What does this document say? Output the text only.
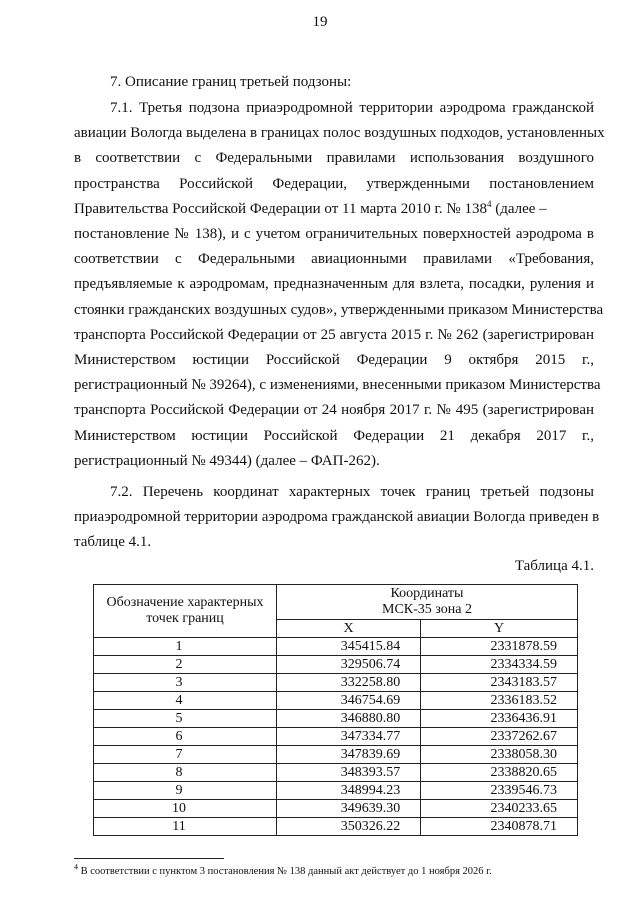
19
7. Описание границ третьей подзоны:
7.1. Третья подзона приаэродромной территории аэродрома гражданской
авиации Вологда выделена в границах полос воздушных подходов, установленных
в соответствии с Федеральными правилами использования воздушного
пространства Российской Федерации, утвержденными постановлением
Правительства Российской Федерации от 11 марта 2010 г. № 138$^4$ (далее –
постановление № 138), и с учетом ограничительных поверхностей аэродрома в
соответствии с Федеральными авиационными правилами «Требования,
предъявляемые к аэродромам, предназначенным для взлета, посадки, руления и
стоянки гражданских воздушных судов», утвержденными приказом Министерства
транспорта Российской Федерации от 25 августа 2015 г. № 262 (зарегистрирован
Министерством юстиции Российской Федерации 9 октября 2015 г.,
регистрационный № 39264), с изменениями, внесенными приказом Министерства
транспорта Российской Федерации от 24 ноября 2017 г. № 495 (зарегистрирован
Министерством юстиции Российской Федерации 21 декабря 2017 г.,
регистрационный № 49344) (далее – ФАП-262).
7.2. Перечень координат характерных точек границ третьей подзоны
приаэродромной территории аэродрома гражданской авиации Вологда приведен в
таблице 4.1.
Таблица 4.1.
Обозначение характерных точек границ	Координаты
МСК-35 зона 2	
	X	Y
1	345415.84	2331878.59
2	329506.74	2334334.59
3	332258.80	2343183.57
4	346754.69	2336183.52
5	346880.80	2336436.91
6	347334.77	2337262.67
7	347839.69	2338058.30
8	348393.57	2338820.65
9	348994.23	2339546.73
10	349639.30	2340233.65
11	350326.22	2340878.71
$^4$ В соответствии с пунктом 3 постановления № 138 данный акт действует до 1 ноября 2026 г.
